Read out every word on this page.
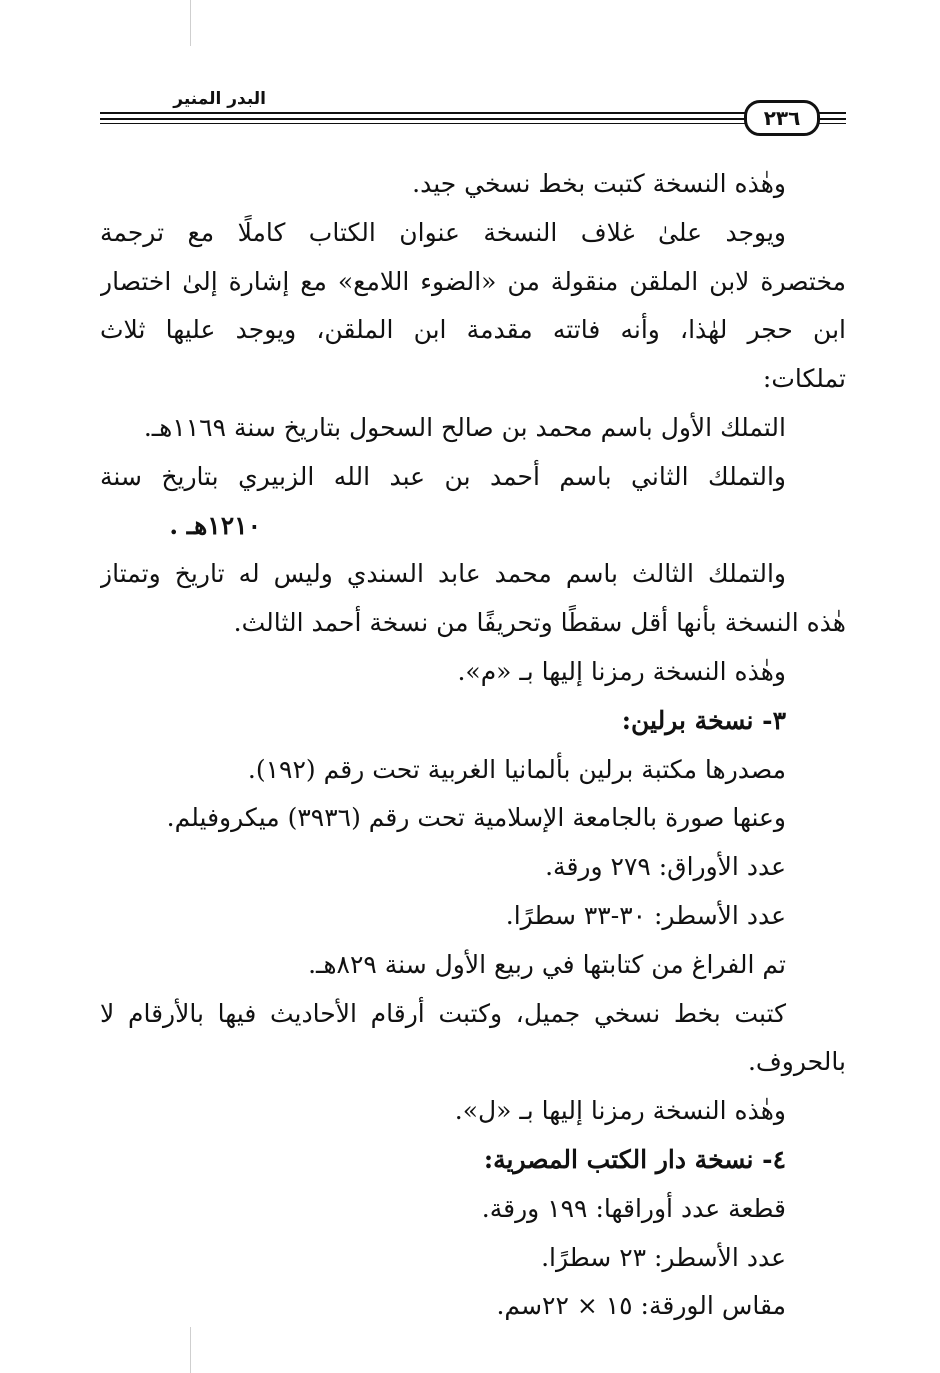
البدر المنير
٢٣٦
وهٰذه النسخة كتبت بخط نسخي جيد.
ويوجد علىٰ غلاف النسخة عنوان الكتاب كاملًا مع ترجمة
مختصرة لابن الملقن منقولة من «الضوء اللامع» مع إشارة إلىٰ اختصار
ابن حجر لهٰذا، وأنه فاتته مقدمة ابن الملقن، ويوجد عليها ثلاث
تملكات:
التملك الأول باسم محمد بن صالح السحول بتاريخ سنة ١١٦٩هـ.
والتملك الثاني باسم أحمد بن عبد الله الزبيري بتاريخ سنة
١٢١٠هـ .
والتملك الثالث باسم محمد عابد السندي وليس له تاريخ وتمتاز
هٰذه النسخة بأنها أقل سقطًا وتحريفًا من نسخة أحمد الثالث.
وهٰذه النسخة رمزنا إليها بـ «م».
٣- نسخة برلين:
مصدرها مكتبة برلين بألمانيا الغربية تحت رقم (١٩٢).
وعنها صورة بالجامعة الإسلامية تحت رقم (٣٩٣٦) ميكروفيلم.
عدد الأوراق: ٢٧٩ ورقة.
عدد الأسطر: ٣٠-٣٣ سطرًا.
تم الفراغ من كتابتها في ربيع الأول سنة ٨٢٩هـ.
كتبت بخط نسخي جميل، وكتبت أرقام الأحاديث فيها بالأرقام لا
بالحروف.
وهٰذه النسخة رمزنا إليها بـ «ل».
٤- نسخة دار الكتب المصرية:
قطعة عدد أوراقها: ١٩٩ ورقة.
عدد الأسطر: ٢٣ سطرًا.
مقاس الورقة: ١٥ × ٢٢سم.
